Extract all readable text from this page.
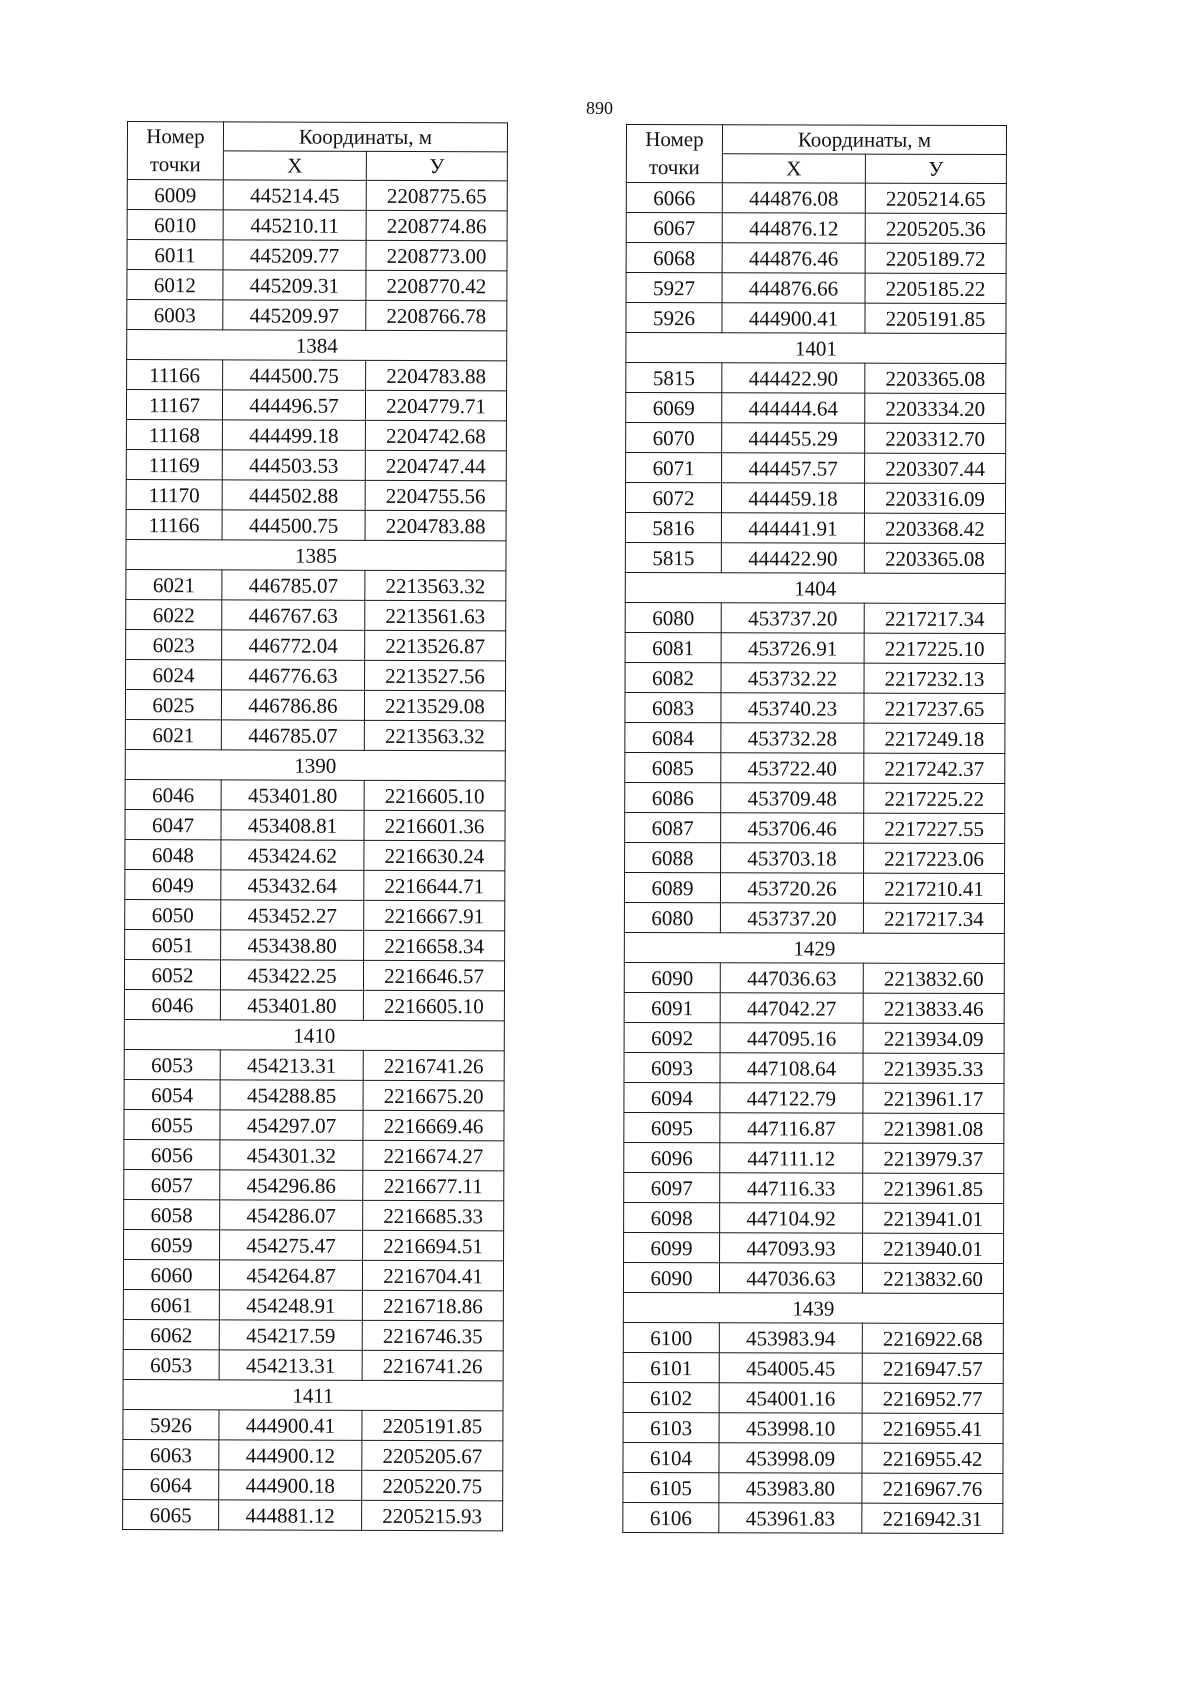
890
Номер	Координаты, м	
точки	X	У
6009	445214.45	2208775.65
6010	445210.11	2208774.86
6011	445209.77	2208773.00
6012	445209.31	2208770.42
6003	445209.97	2208766.78
1384		
11166	444500.75	2204783.88
11167	444496.57	2204779.71
11168	444499.18	2204742.68
11169	444503.53	2204747.44
11170	444502.88	2204755.56
11166	444500.75	2204783.88
1385		
6021	446785.07	2213563.32
6022	446767.63	2213561.63
6023	446772.04	2213526.87
6024	446776.63	2213527.56
6025	446786.86	2213529.08
6021	446785.07	2213563.32
1390		
6046	453401.80	2216605.10
6047	453408.81	2216601.36
6048	453424.62	2216630.24
6049	453432.64	2216644.71
6050	453452.27	2216667.91
6051	453438.80	2216658.34
6052	453422.25	2216646.57
6046	453401.80	2216605.10
1410		
6053	454213.31	2216741.26
6054	454288.85	2216675.20
6055	454297.07	2216669.46
6056	454301.32	2216674.27
6057	454296.86	2216677.11
6058	454286.07	2216685.33
6059	454275.47	2216694.51
6060	454264.87	2216704.41
6061	454248.91	2216718.86
6062	454217.59	2216746.35
6053	454213.31	2216741.26
1411		
5926	444900.41	2205191.85
6063	444900.12	2205205.67
6064	444900.18	2205220.75
6065	444881.12	2205215.93
Номер	Координаты, м	
точки	X	У
6066	444876.08	2205214.65
6067	444876.12	2205205.36
6068	444876.46	2205189.72
5927	444876.66	2205185.22
5926	444900.41	2205191.85
1401		
5815	444422.90	2203365.08
6069	444444.64	2203334.20
6070	444455.29	2203312.70
6071	444457.57	2203307.44
6072	444459.18	2203316.09
5816	444441.91	2203368.42
5815	444422.90	2203365.08
1404		
6080	453737.20	2217217.34
6081	453726.91	2217225.10
6082	453732.22	2217232.13
6083	453740.23	2217237.65
6084	453732.28	2217249.18
6085	453722.40	2217242.37
6086	453709.48	2217225.22
6087	453706.46	2217227.55
6088	453703.18	2217223.06
6089	453720.26	2217210.41
6080	453737.20	2217217.34
1429		
6090	447036.63	2213832.60
6091	447042.27	2213833.46
6092	447095.16	2213934.09
6093	447108.64	2213935.33
6094	447122.79	2213961.17
6095	447116.87	2213981.08
6096	447111.12	2213979.37
6097	447116.33	2213961.85
6098	447104.92	2213941.01
6099	447093.93	2213940.01
6090	447036.63	2213832.60
1439		
6100	453983.94	2216922.68
6101	454005.45	2216947.57
6102	454001.16	2216952.77
6103	453998.10	2216955.41
6104	453998.09	2216955.42
6105	453983.80	2216967.76
6106	453961.83	2216942.31
